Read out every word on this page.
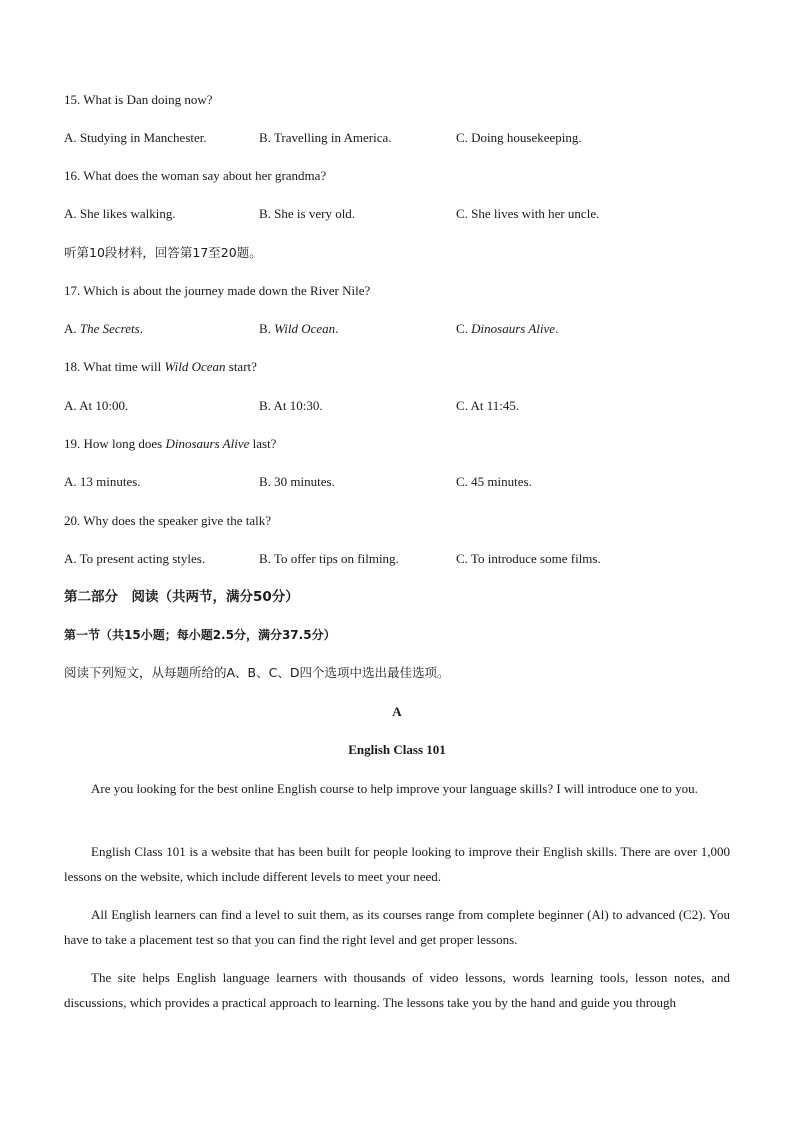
15. What is Dan doing now?
A. Studying in Manchester.	B. Travelling in America.	C. Doing housekeeping.
16. What does the woman say about her grandma?
A. She likes walking.	B. She is very old.	C. She lives with her uncle.
听第10段材料，回答第17至20题。
17. Which is about the journey made down the River Nile?
A. The Secrets.	B. Wild Ocean.	C. Dinosaurs Alive.
18. What time will Wild Ocean start?
A. At 10:00.	B. At 10:30.	C. At 11:45.
19. How long does Dinosaurs Alive last?
A. 13 minutes.	B. 30 minutes.	C. 45 minutes.
20. Why does the speaker give the talk?
A. To present acting styles.	B. To offer tips on filming.	C. To introduce some films.
第二部分　阅读（共两节，满分50分）
第一节（共15小题；每小题2.5分，满分37.5分）
阅读下列短文，从每题所给的A、B、C、D四个选项中选出最佳选项。
A
English Class 101
Are you looking for the best online English course to help improve your language skills? I will introduce one to you.
English Class 101 is a website that has been built for people looking to improve their English skills. There are over 1,000 lessons on the website, which include different levels to meet your need.
All English learners can find a level to suit them, as its courses range from complete beginner (Al) to advanced (C2). You have to take a placement test so that you can find the right level and get proper lessons.
The site helps English language learners with thousands of video lessons, words learning tools, lesson notes, and discussions, which provides a practical approach to learning. The lessons take you by the hand and guide you through
